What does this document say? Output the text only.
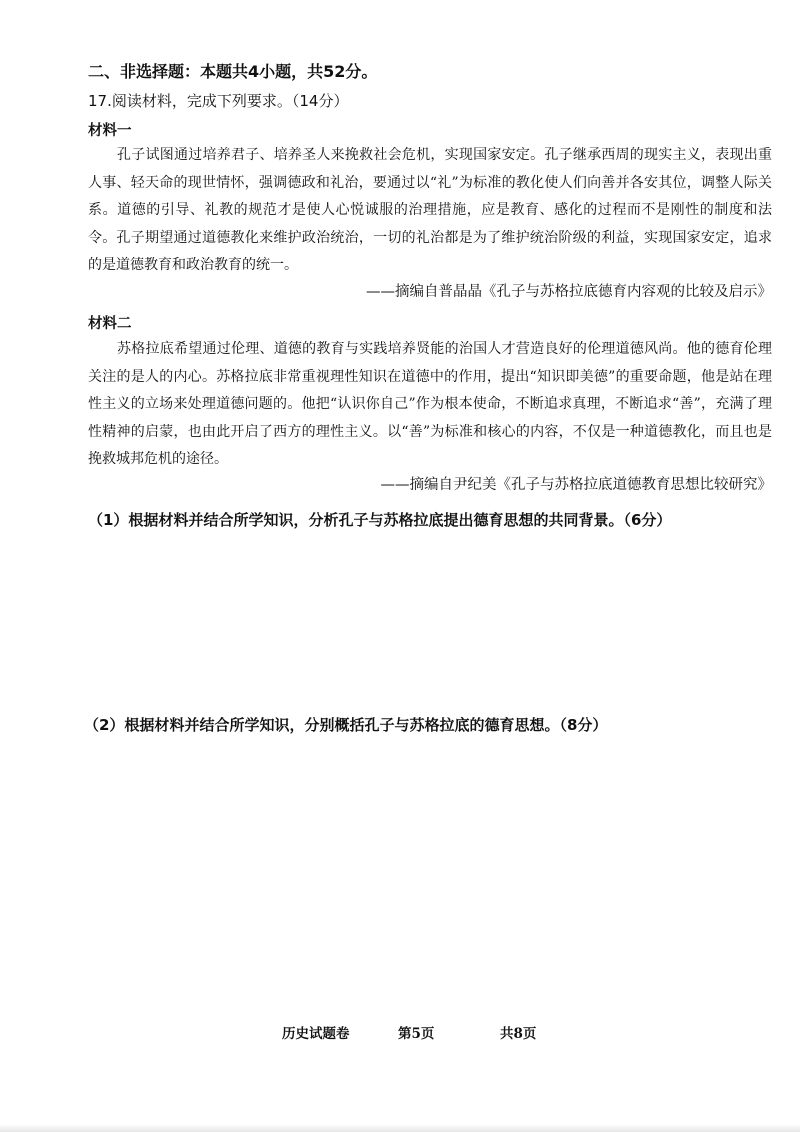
二、非选择题：本题共4小题，共52分。
17.阅读材料，完成下列要求。（14分）
材料一
孔子试图通过培养君子、培养圣人来挽救社会危机，实现国家安定。孔子继承西周的现实主义，表现出重人事、轻天命的现世情怀，强调德政和礼治，要通过以“礼”为标准的教化使人们向善并各安其位，调整人际关系。道德的引导、礼教的规范才是使人心悦诚服的治理措施，应是教育、感化的过程而不是刚性的制度和法令。孔子期望通过道德教化来维护政治统治，一切的礼治都是为了维护统治阶级的利益，实现国家安定，追求的是道德教育和政治教育的统一。
——摘编自普晶晶《孔子与苏格拉底德育内容观的比较及启示》
材料二
苏格拉底希望通过伦理、道德的教育与实践培养贤能的治国人才营造良好的伦理道德风尚。他的德育伦理关注的是人的内心。苏格拉底非常重视理性知识在道德中的作用，提出“知识即美德”的重要命题，他是站在理性主义的立场来处理道德问题的。他把“认识你自己”作为根本使命，不断追求真理，不断追求“善”，充满了理性精神的启蒙，也由此开启了西方的理性主义。以“善”为标准和核心的内容，不仅是一种道德教化，而且也是挽救城邦危机的途径。
——摘编自尹纪美《孔子与苏格拉底道德教育思想比较研究》
（1）根据材料并结合所学知识，分析孔子与苏格拉底提出德育思想的共同背景。（6分）
（2）根据材料并结合所学知识，分别概括孔子与苏格拉底的德育思想。（8分）
历史试题卷	第5页	共8页
